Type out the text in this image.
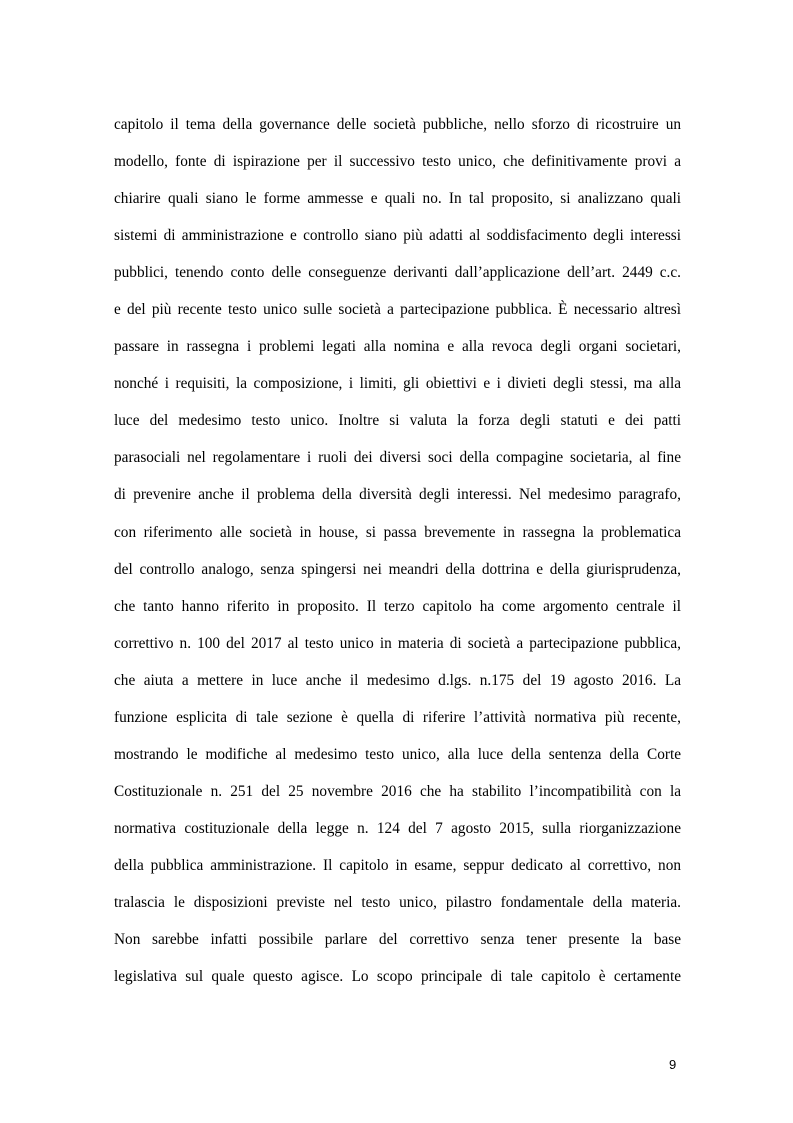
capitolo il tema della governance delle società pubbliche, nello sforzo di ricostruire un
modello, fonte di ispirazione per il successivo testo unico, che definitivamente provi a
chiarire quali siano le forme ammesse e quali no. In tal proposito, si analizzano quali
sistemi di amministrazione e controllo siano più adatti al soddisfacimento degli interessi
pubblici, tenendo conto delle conseguenze derivanti dall’applicazione dell’art. 2449 c.c.
e del più recente testo unico sulle società a partecipazione pubblica. È necessario altresì
passare in rassegna i problemi legati alla nomina e alla revoca degli organi societari,
nonché i requisiti, la composizione, i limiti, gli obiettivi e i divieti degli stessi, ma alla
luce del medesimo testo unico. Inoltre si valuta la forza degli statuti e dei patti
parasociali nel regolamentare i ruoli dei diversi soci della compagine societaria, al fine
di prevenire anche il problema della diversità degli interessi. Nel medesimo paragrafo,
con riferimento alle società in house, si passa brevemente in rassegna la problematica
del controllo analogo, senza spingersi nei meandri della dottrina e della giurisprudenza,
che tanto hanno riferito in proposito. Il terzo capitolo ha come argomento centrale il
correttivo n. 100 del 2017 al testo unico in materia di società a partecipazione pubblica,
che aiuta a mettere in luce anche il medesimo d.lgs. n.175 del 19 agosto 2016. La
funzione esplicita di tale sezione è quella di riferire l’attività normativa più recente,
mostrando le modifiche al medesimo testo unico, alla luce della sentenza della Corte
Costituzionale n. 251 del 25 novembre 2016 che ha stabilito l’incompatibilità con la
normativa costituzionale della legge n. 124 del 7 agosto 2015, sulla riorganizzazione
della pubblica amministrazione. Il capitolo in esame, seppur dedicato al correttivo, non
tralascia le disposizioni previste nel testo unico, pilastro fondamentale della materia.
Non sarebbe infatti possibile parlare del correttivo senza tener presente la base
legislativa sul quale questo agisce. Lo scopo principale di tale capitolo è certamente
9
